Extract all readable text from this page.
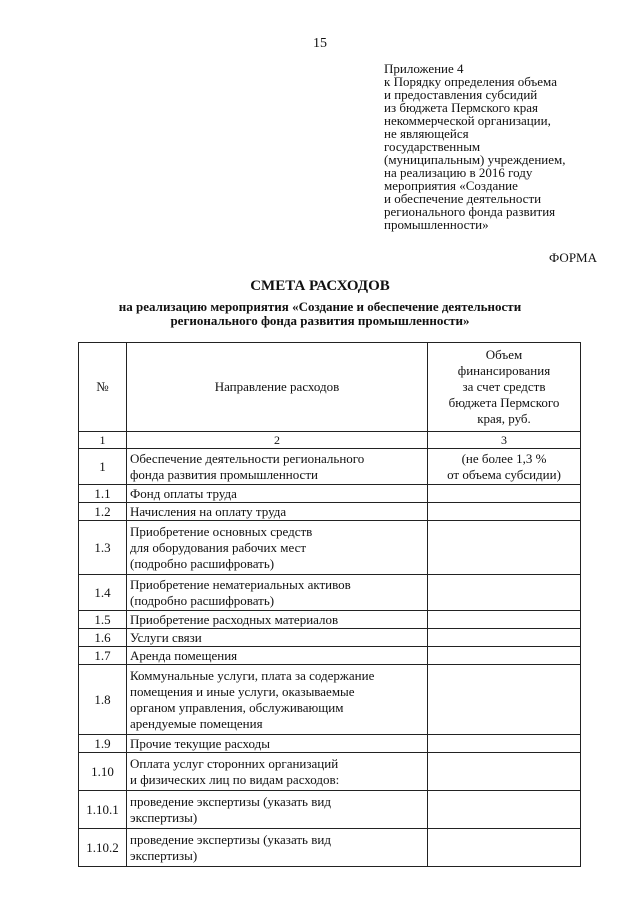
15
Приложение 4
к Порядку определения объема
и предоставления субсидий
из бюджета Пермского края
некоммерческой организации,
не являющейся
государственным
(муниципальным) учреждением,
на реализацию в 2016 году
мероприятия «Создание
и обеспечение деятельности
регионального фонда развития
промышленности»
ФОРМА
СМЕТА РАСХОДОВ
на реализацию мероприятия «Создание и обеспечение деятельности
регионального фонда развития промышленности»
№	Направление расходов	Объем
финансирования
за счет средств
бюджета Пермского
края, руб.
1	2	3
1	Обеспечение деятельности регионального
фонда развития промышленности	(не более 1,3 %
от объема субсидии)
1.1	Фонд оплаты труда	
1.2	Начисления на оплату труда	
1.3	Приобретение основных средств
для оборудования рабочих мест
(подробно расшифровать)	
1.4	Приобретение нематериальных активов
(подробно расшифровать)	
1.5	Приобретение расходных материалов	
1.6	Услуги связи	
1.7	Аренда помещения	
1.8	Коммунальные услуги, плата за содержание
помещения и иные услуги, оказываемые
органом управления, обслуживающим
арендуемые помещения	
1.9	Прочие текущие расходы	
1.10	Оплата услуг сторонних организаций
и физических лиц по видам расходов:	
1.10.1	проведение экспертизы (указать вид
экспертизы)	
1.10.2	проведение экспертизы (указать вид
экспертизы)	
